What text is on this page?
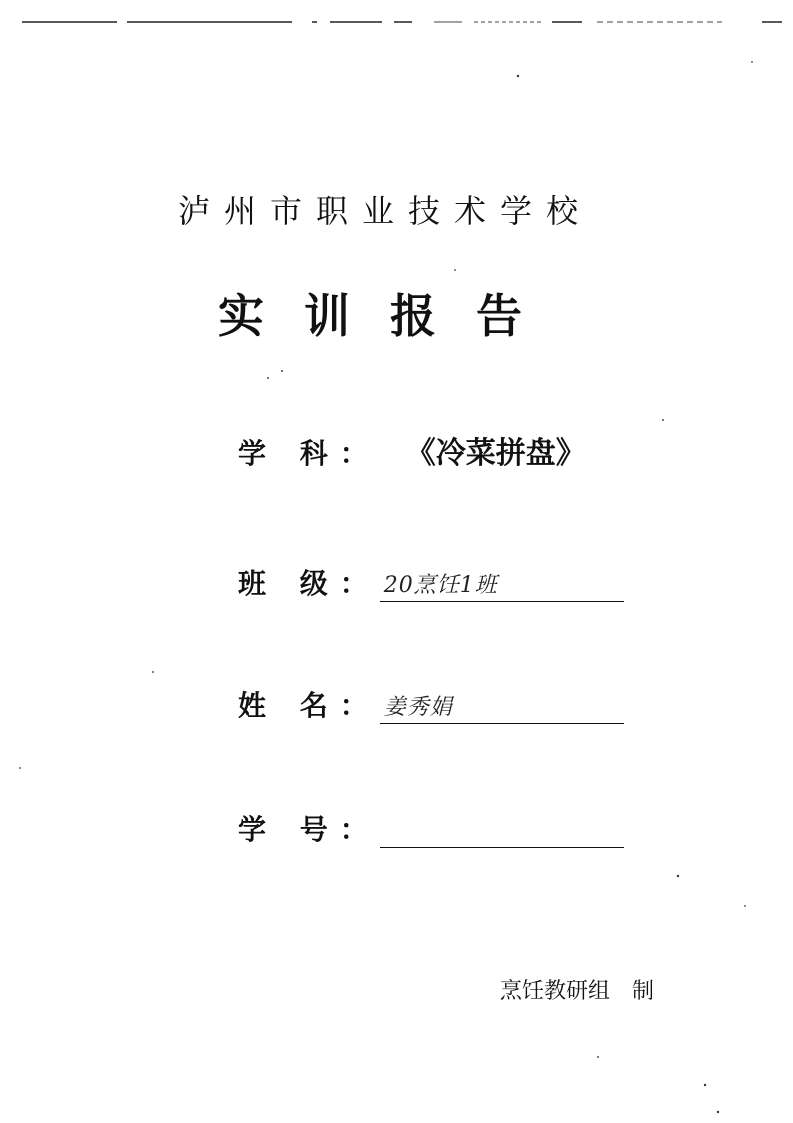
泸州市职业技术学校
实训报告
学 科： 《冷菜拼盘》
班 级： 20烹饪1班
姓 名： 姜秀娟
学 号：
烹饪教研组　制
